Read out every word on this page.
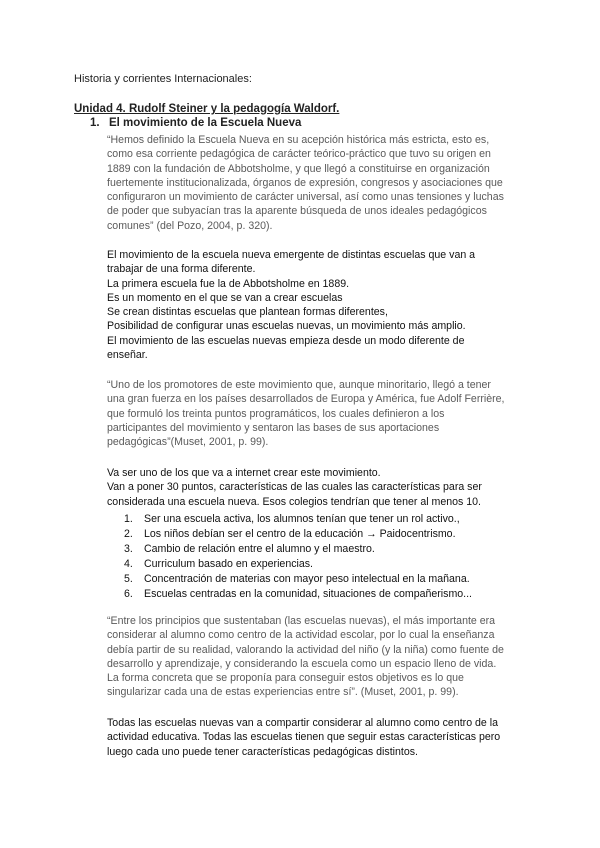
Historia y corrientes Internacionales:
Unidad 4. Rudolf Steiner y la pedagogía Waldorf.
1. El movimiento de la Escuela Nueva
“Hemos definido la Escuela Nueva en su acepción histórica más estricta, esto es,
como esa corriente pedagógica de carácter teórico-práctico que tuvo su origen en
1889 con la fundación de Abbotsholme, y que llegó a constituirse en organización
fuertemente institucionalizada, órganos de expresión, congresos y asociaciones que
configuraron un movimiento de carácter universal, así como unas tensiones y luchas
de poder que subyacían tras la aparente búsqueda de unos ideales pedagógicos
comunes” (del Pozo, 2004, p. 320).
El movimiento de la escuela nueva emergente de distintas escuelas que van a
trabajar de una forma diferente.
La primera escuela fue la de Abbotsholme en 1889.
Es un momento en el que se van a crear escuelas
Se crean distintas escuelas que plantean formas diferentes,
Posibilidad de configurar unas escuelas nuevas, un movimiento más amplio.
El movimiento de las escuelas nuevas empieza desde un modo diferente de
enseñar.
“Uno de los promotores de este movimiento que, aunque minoritario, llegó a tener
una gran fuerza en los países desarrollados de Europa y América, fue Adolf Ferrière,
que formuló los treinta puntos programáticos, los cuales definieron a los
participantes del movimiento y sentaron las bases de sus aportaciones
pedagógicas”(Muset, 2001, p. 99).
Va ser uno de los que va a internet crear este movimiento.
Van a poner 30 puntos, características de las cuales las características para ser
considerada una escuela nueva. Esos colegios tendrían que tener al menos 10.
1. Ser una escuela activa, los alumnos tenían que tener un rol activo.,
2. Los niños debían ser el centro de la educación → Paidocentrismo.
3. Cambio de relación entre el alumno y el maestro.
4. Curriculum basado en experiencias.
5. Concentración de materias con mayor peso intelectual en la mañana.
6. Escuelas centradas en la comunidad, situaciones de compañerismo...
“Entre los principios que sustentaban (las escuelas nuevas), el más importante era
considerar al alumno como centro de la actividad escolar, por lo cual la enseñanza
debía partir de su realidad, valorando la actividad del niño (y la niña) como fuente de
desarrollo y aprendizaje, y considerando la escuela como un espacio lleno de vida.
La forma concreta que se proponía para conseguir estos objetivos es lo que
singularizar cada una de estas experiencias entre sí”. (Muset, 2001, p. 99).
Todas las escuelas nuevas van a compartir considerar al alumno como centro de la
actividad educativa. Todas las escuelas tienen que seguir estas características pero
luego cada uno puede tener características pedagógicas distintos.
